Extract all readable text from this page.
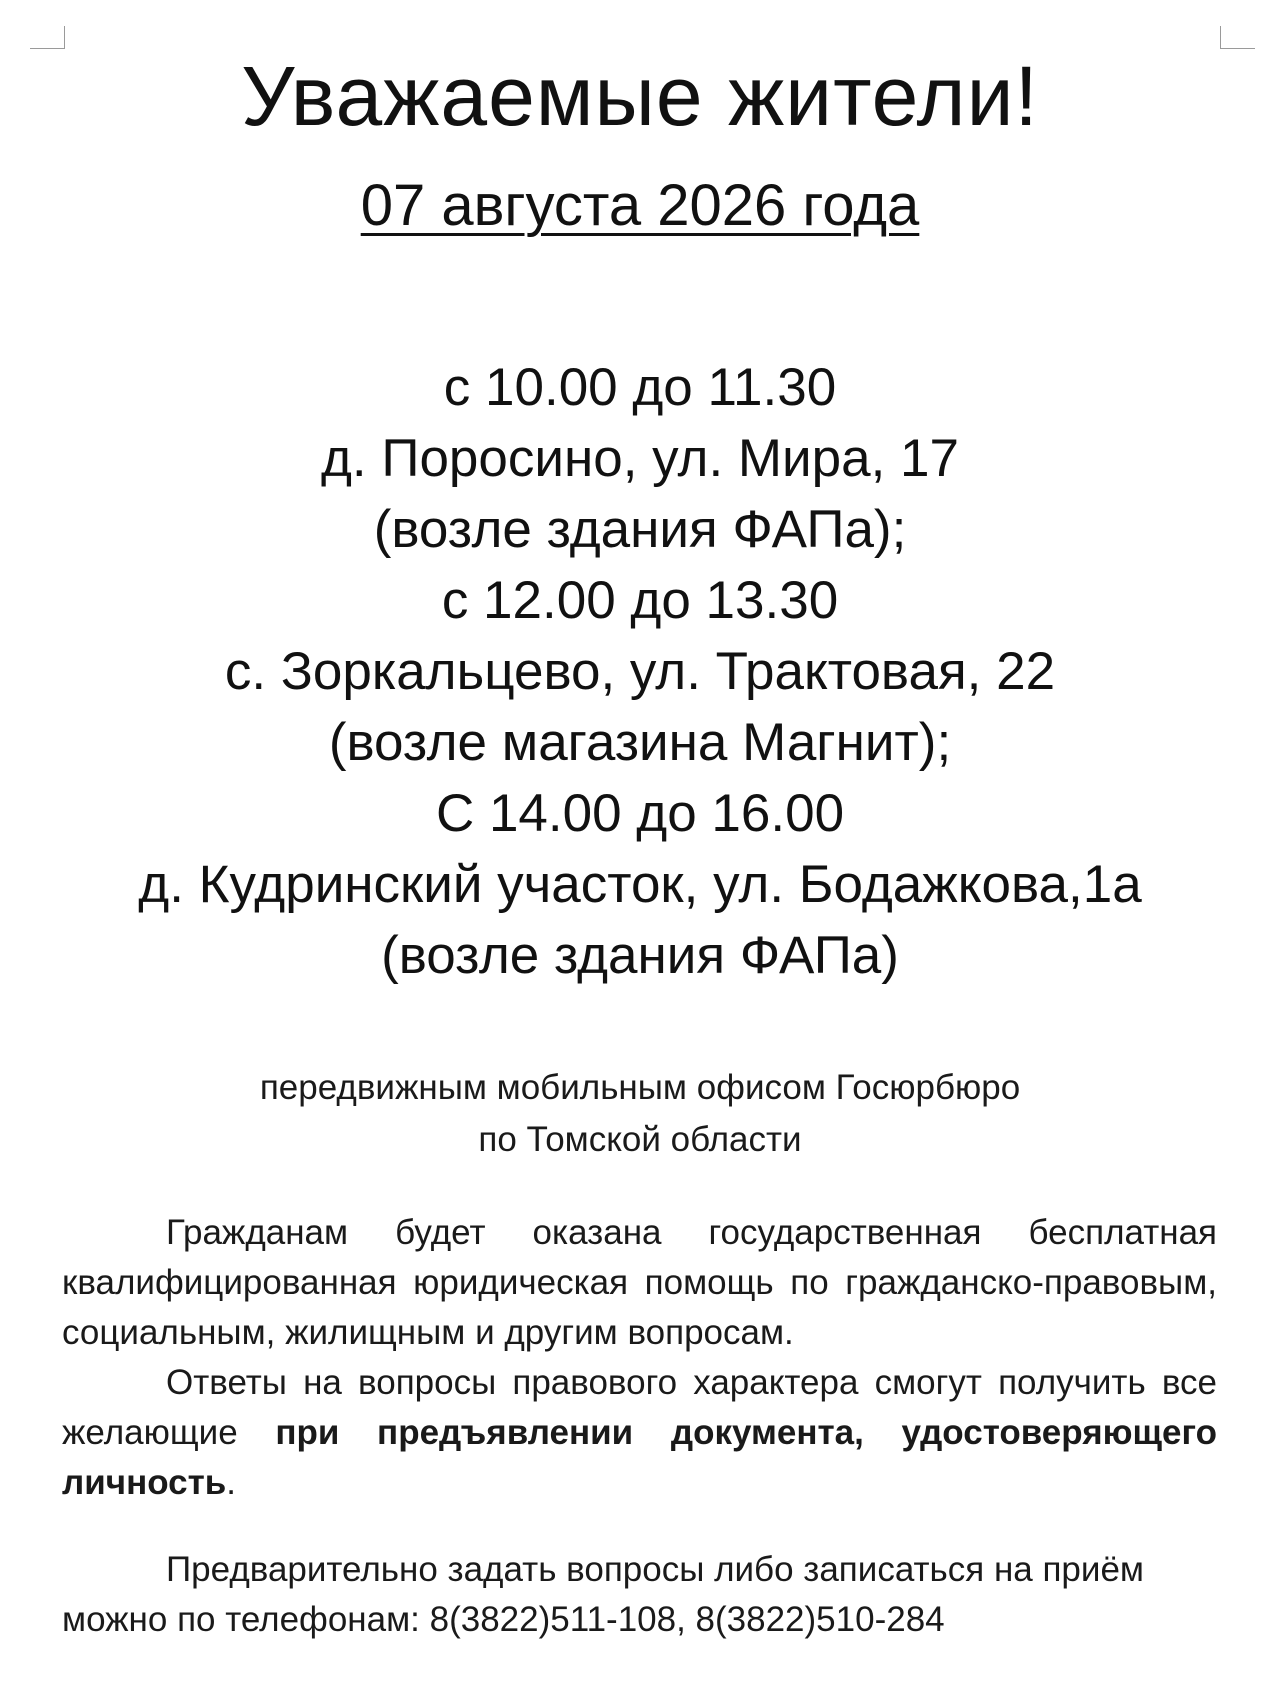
Уважаемые жители!
07 августа 2026 года
с 10.00 до 11.30
д. Поросино, ул. Мира, 17
(возле здания ФАПа);
с 12.00 до 13.30
с. Зоркальцево, ул. Трактовая, 22
(возле магазина Магнит);
С 14.00 до 16.00
д. Кудринский участок, ул. Бодажкова,1а
(возле здания ФАПа)
передвижным мобильным офисом Госюрбюро
по Томской области

Гражданам будет оказана государственная бесплатная квалифицированная юридическая помощь по гражданско-правовым, социальным, жилищным и другим вопросам.

Ответы на вопросы правового характера смогут получить все желающие при предъявлении документа, удостоверяющего личность.

Предварительно задать вопросы либо записаться на приём можно по телефонам: 8(3822)511-108, 8(3822)510-284
